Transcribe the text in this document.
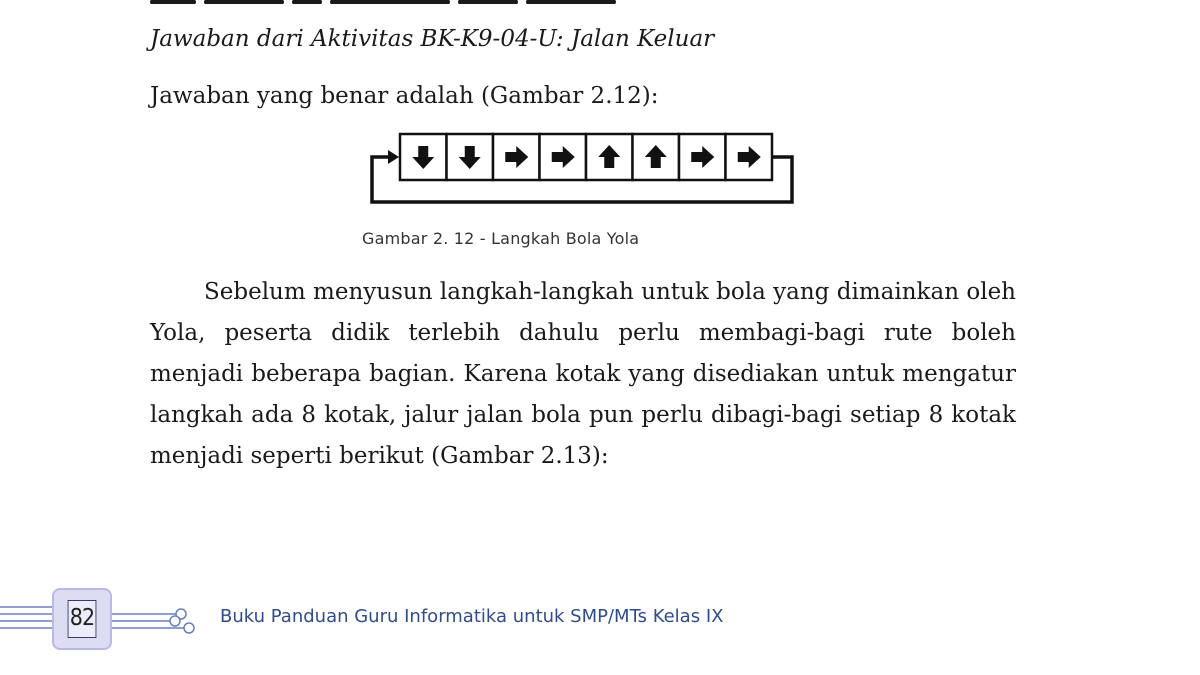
Jawaban dari Aktivitas BK-K9-04-U: Jalan Keluar
Jawaban yang benar adalah (Gambar 2.12):
Gambar 2. 12 - Langkah Bola Yola
Sebelum menyusun langkah-langkah untuk bola yang dimainkan oleh Yola, peserta didik terlebih dahulu perlu membagi-bagi rute boleh menjadi beberapa bagian. Karena kotak yang disediakan untuk mengatur langkah ada 8 kotak, jalur jalan bola pun perlu dibagi-bagi setiap 8 kotak menjadi seperti berikut (Gambar 2.13):
82	Buku Panduan Guru Informatika untuk SMP/MTs Kelas IX
